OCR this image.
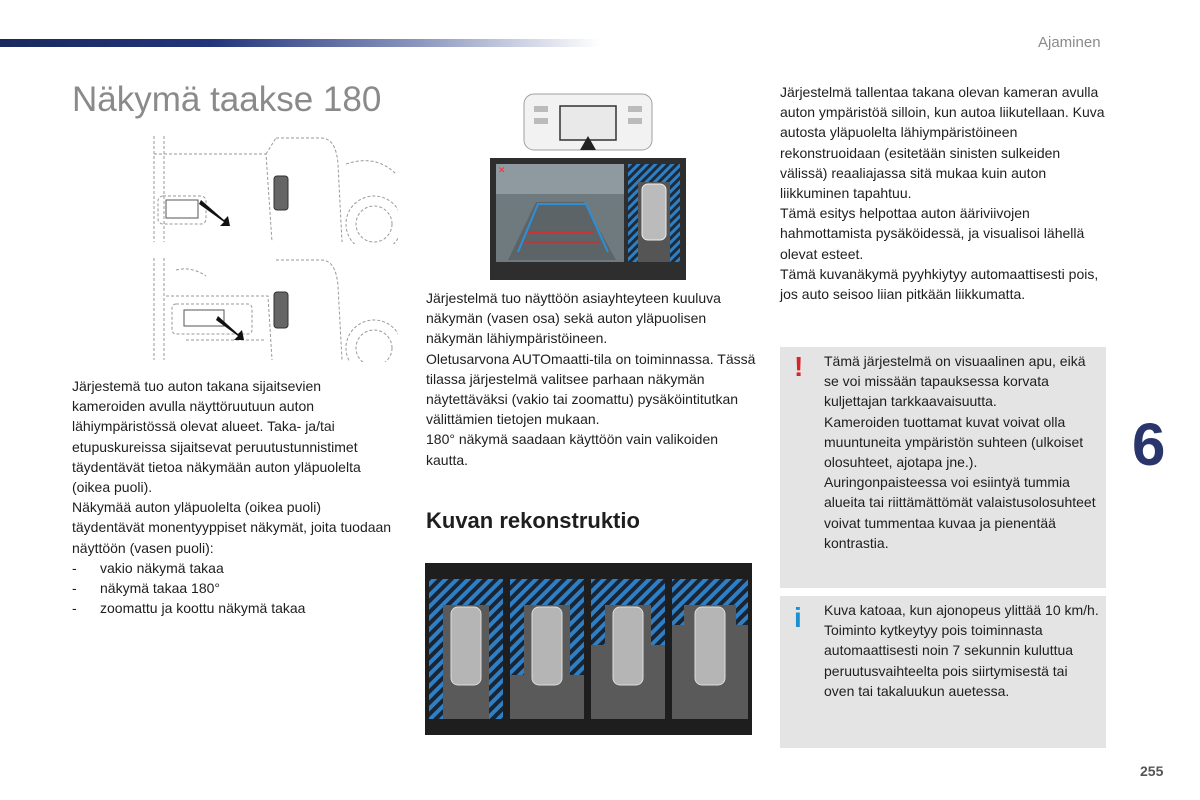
Ajaminen
Näkymä taakse 180
✕

Järjestemä tuo auton takana sijaitsevien kameroiden avulla näyttöruutuun auton lähiympäristössä olevat alueet. Taka- ja/tai etupuskureissa sijaitsevat peruutustunnistimet täydentävät tietoa näkymään auton yläpuolelta (oikea puoli).

Näkymää auton yläpuolelta (oikea puoli) täydentävät monentyyppiset näkymät, joita tuodaan näyttöön (vasen puoli):

- vakio näkymä takaa
- näkymä takaa 180°
- zoomattu ja koottu näkymä takaa

Järjestelmä tuo näyttöön asiayhteyteen kuuluva näkymän (vasen osa) sekä auton yläpuolisen näkymän lähiympäristöineen.

Oletusarvona AUTOmaatti-tila on toiminnassa. Tässä tilassa järjestelmä valitsee parhaan näkymän näytettäväksi (vakio tai zoomattu) pysäköintitutkan välittämien tietojen mukaan.

180° näkymä saadaan käyttöön vain valikoiden kautta.

Kuvan rekonstruktio

Järjestelmä tallentaa takana olevan kameran avulla auton ympäristöä silloin, kun autoa liikutellaan. Kuva autosta yläpuolelta lähiympäristöineen rekonstruoidaan (esitetään sinisten sulkeiden välissä) reaaliajassa sitä mukaa kuin auton liikkuminen tapahtuu.

Tämä esitys helpottaa auton ääriviivojen hahmottamista pysäköidessä, ja visualisoi lähellä olevat esteet.

Tämä kuvanäkymä pyyhkiytyy automaattisesti pois, jos auto seisoo liian pitkään liikkumatta.

! Tämä järjestelmä on visuaalinen apu, eikä se voi missään tapauksessa korvata kuljettajan tarkkaavaisuutta.

Kameroiden tuottamat kuvat voivat olla muuntuneita ympäristön suhteen (ulkoiset olosuhteet, ajotapa jne.).

Auringonpaisteessa voi esiintyä tummia alueita tai riittämättömät valaistusolosuhteet voivat tummentaa kuvaa ja pienentää kontrastia.

i Kuva katoaa, kun ajonopeus ylittää 10 km/h.

Toiminto kytkeytyy pois toiminnasta automaattisesti noin 7 sekunnin kuluttua peruutusvaihteelta pois siirtymisestä tai oven tai takaluukun auetessa.

6
255
